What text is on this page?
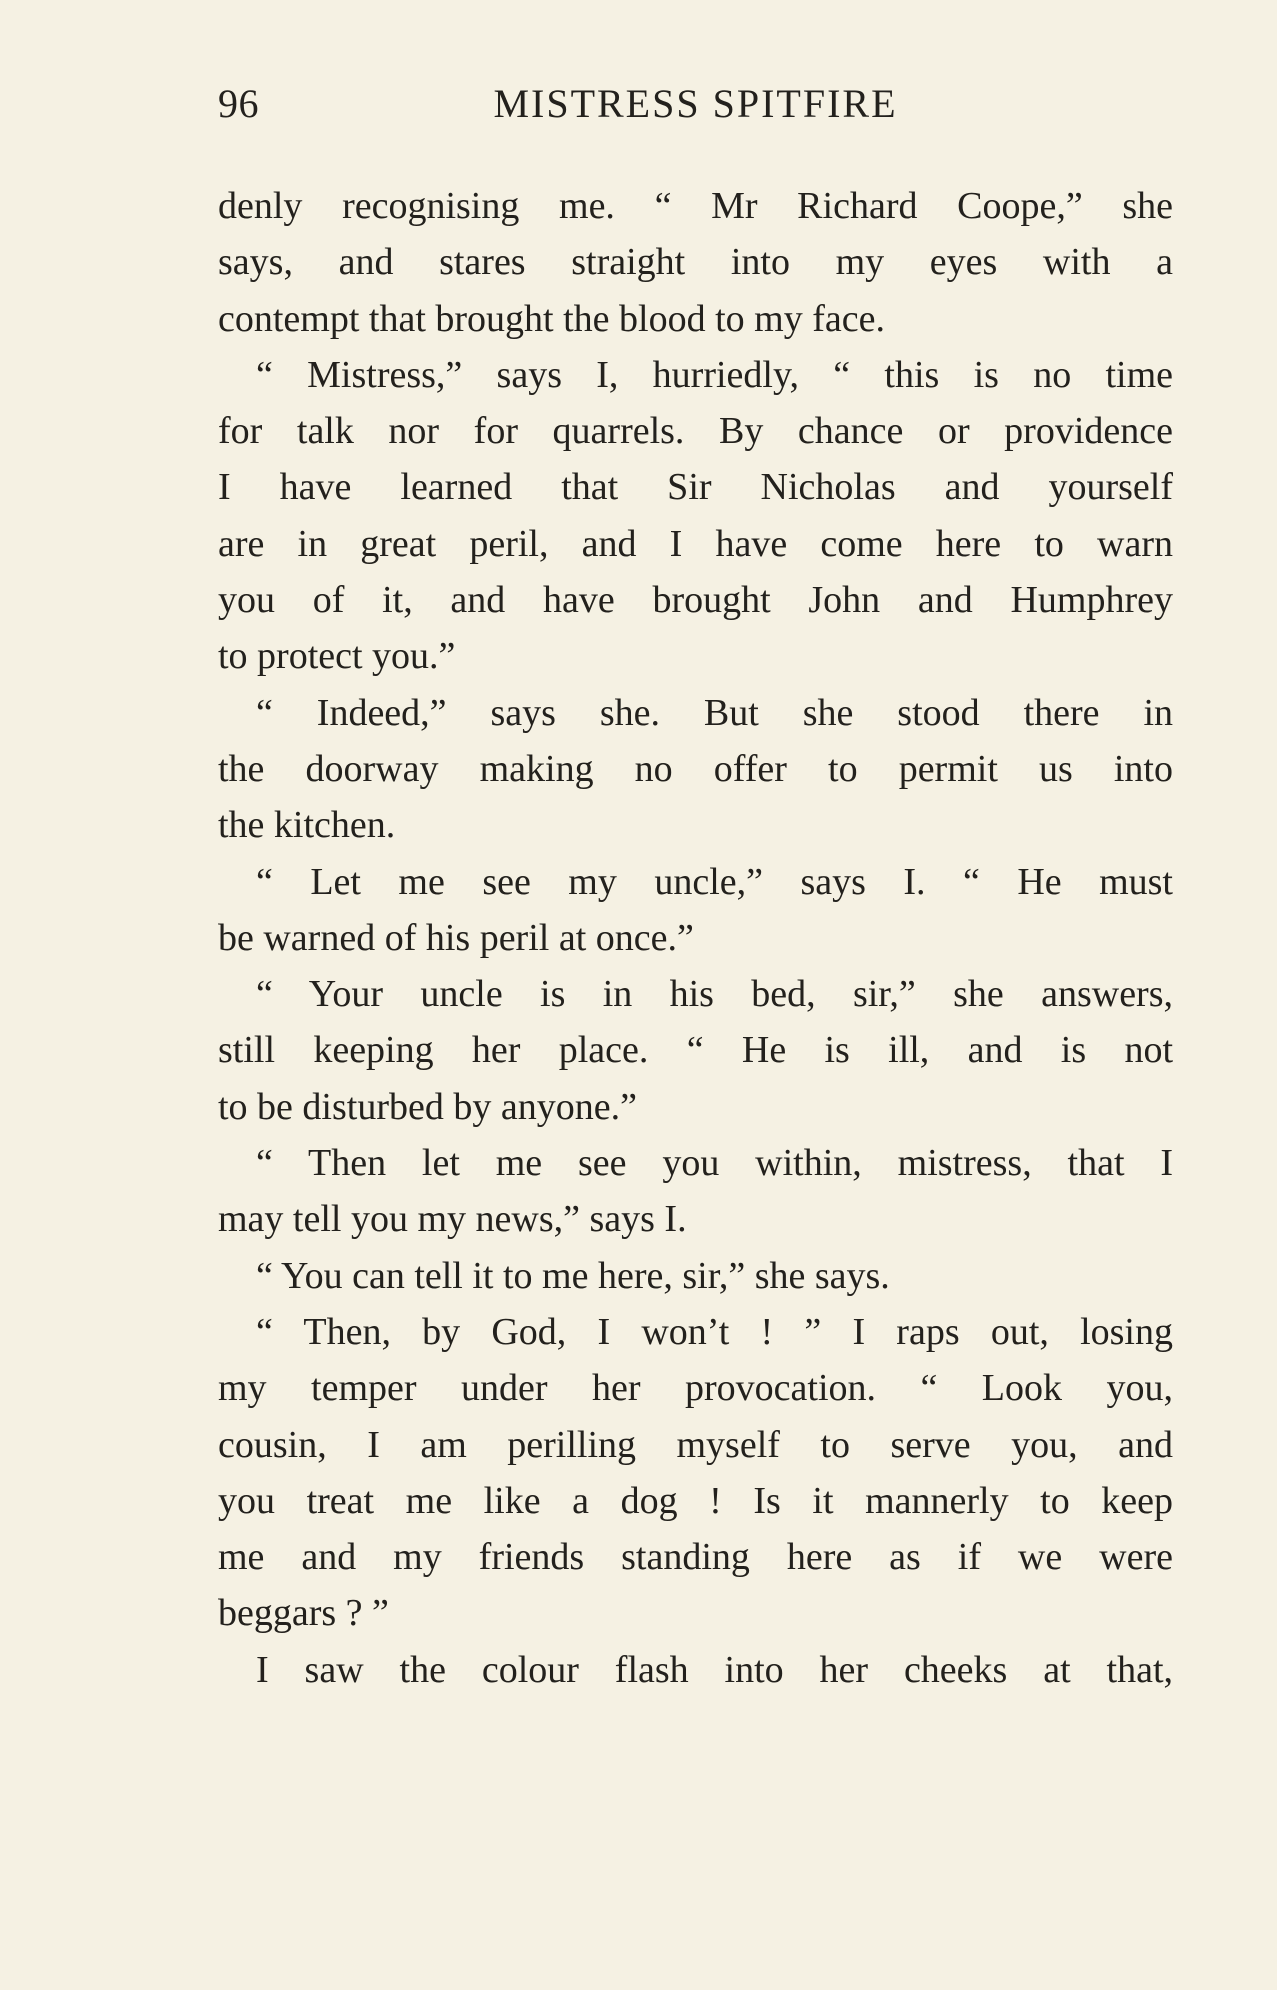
96	MISTRESS SPITFIRE
denly recognising me. “ Mr Richard Coope,” she
says, and stares straight into my eyes with a
contempt that brought the blood to my face.
“ Mistress,” says I, hurriedly, “ this is no time
for talk nor for quarrels. By chance or providence
I have learned that Sir Nicholas and yourself
are in great peril, and I have come here to warn
you of it, and have brought John and Humphrey
to protect you.”
“ Indeed,” says she. But she stood there in
the doorway making no offer to permit us into
the kitchen.
“ Let me see my uncle,” says I. “ He must
be warned of his peril at once.”
“ Your uncle is in his bed, sir,” she answers,
still keeping her place. “ He is ill, and is not
to be disturbed by anyone.”
“ Then let me see you within, mistress, that I
may tell you my news,” says I.
“ You can tell it to me here, sir,” she says.
“ Then, by God, I won’t ! ” I raps out, losing
my temper under her provocation. “ Look you,
cousin, I am perilling myself to serve you, and
you treat me like a dog ! Is it mannerly to keep
me and my friends standing here as if we were
beggars ? ”
I saw the colour flash into her cheeks at that,
